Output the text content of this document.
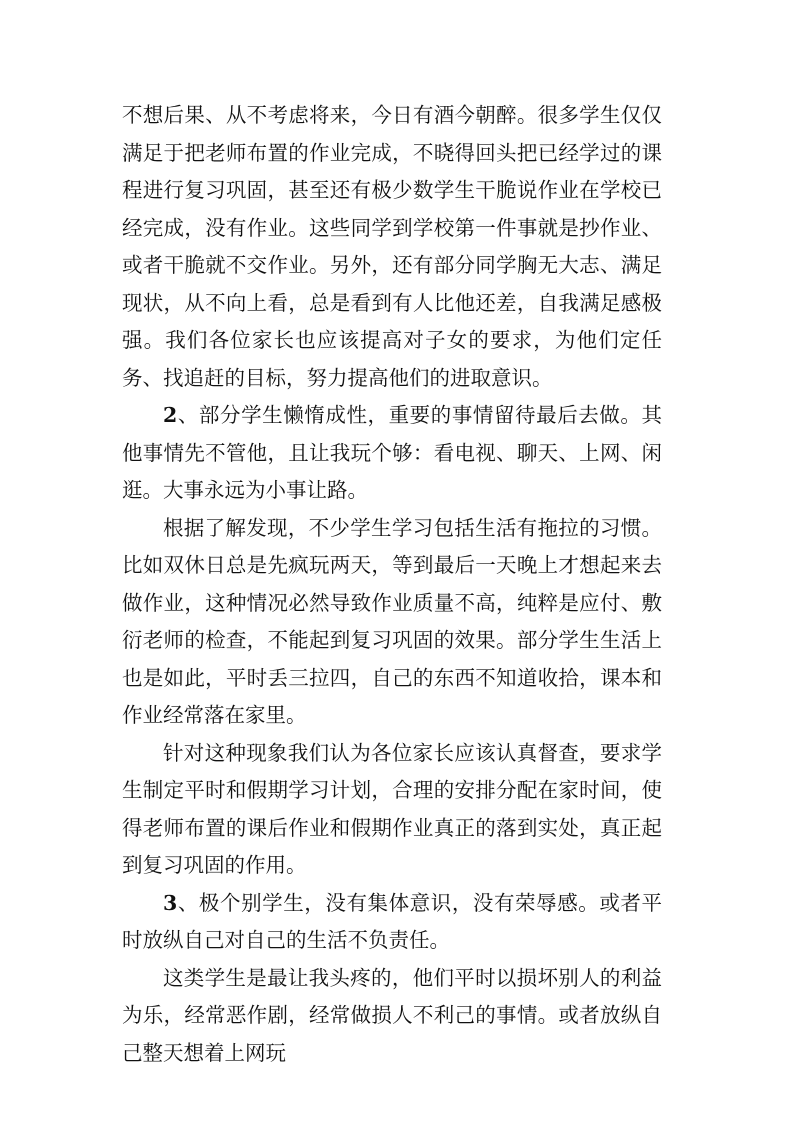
不想后果、从不考虑将来，今日有酒今朝醉。很多学生仅仅满足于把老师布置的作业完成，不晓得回头把已经学过的课程进行复习巩固，甚至还有极少数学生干脆说作业在学校已经完成，没有作业。这些同学到学校第一件事就是抄作业、或者干脆就不交作业。另外，还有部分同学胸无大志、满足现状，从不向上看，总是看到有人比他还差，自我满足感极强。我们各位家长也应该提高对子女的要求，为他们定任务、找追赶的目标，努力提高他们的进取意识。

2、部分学生懒惰成性，重要的事情留待最后去做。其他事情先不管他，且让我玩个够：看电视、聊天、上网、闲逛。大事永远为小事让路。

根据了解发现，不少学生学习包括生活有拖拉的习惯。比如双休日总是先疯玩两天，等到最后一天晚上才想起来去做作业，这种情况必然导致作业质量不高，纯粹是应付、敷衍老师的检查，不能起到复习巩固的效果。部分学生生活上也是如此，平时丢三拉四，自己的东西不知道收拾，课本和作业经常落在家里。

针对这种现象我们认为各位家长应该认真督查，要求学生制定平时和假期学习计划，合理的安排分配在家时间，使得老师布置的课后作业和假期作业真正的落到实处，真正起到复习巩固的作用。

3、极个别学生，没有集体意识，没有荣辱感。或者平时放纵自己对自己的生活不负责任。

这类学生是最让我头疼的，他们平时以损坏别人的利益为乐，经常恶作剧，经常做损人不利己的事情。或者放纵自己整天想着上网玩
